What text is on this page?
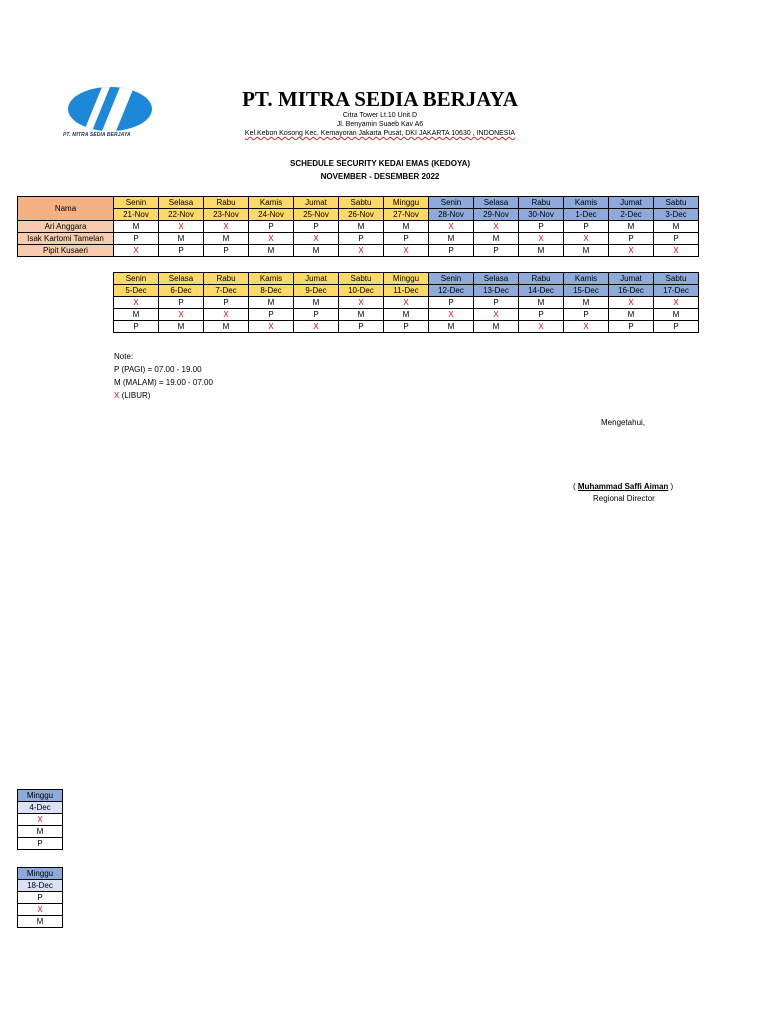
PT. MITRA SEDIA BERJAYA
PT. MITRA SEDIA BERJAYA
Citra Tower Lt.10 Unit D
Jl. Benyamin Suaeb Kav A6
Kel.Kebon Kosong Kec. Kemayoran Jakarta Pusat, DKI JAKARTA 10630 , INDONESIA
SCHEDULE SECURITY KEDAI EMAS (KEDOYA)
NOVEMBER - DESEMBER 2022
Nama	Senin	Selasa	Rabu	Kamis	Jumat	Sabtu	Minggu	Senin	Selasa	Rabu	Kamis	Jumat	Sabtu
	21-Nov	22-Nov	23-Nov	24-Nov	25-Nov	26-Nov	27-Nov	28-Nov	29-Nov	30-Nov	1-Dec	2-Dec	3-Dec
Ari Anggara	M	X	X	P	P	M	M	X	X	P	P	M	M
Isak Kartomi Tamelan	P	M	M	X	X	P	P	M	M	X	X	P	P
Pipit Kusaeri	X	P	P	M	M	X	X	P	P	M	M	X	X
Senin	Selasa	Rabu	Kamis	Jumat	Sabtu	Minggu	Senin	Selasa	Rabu	Kamis	Jumat	Sabtu
5-Dec	6-Dec	7-Dec	8-Dec	9-Dec	10-Dec	11-Dec	12-Dec	13-Dec	14-Dec	15-Dec	16-Dec	17-Dec
X	P	P	M	M	X	X	P	P	M	M	X	X
M	X	X	P	P	M	M	X	X	P	P	M	M
P	M	M	X	X	P	P	M	M	X	X	P	P
Note:
P (PAGI) = 07.00 - 19.00
M (MALAM) = 19.00 - 07.00
X (LIBUR)
Mengetahui,
( Muhammad Saffi Aiman )
Regional Director
Minggu
4-Dec
X
M
P
Minggu
18-Dec
P
X
M
